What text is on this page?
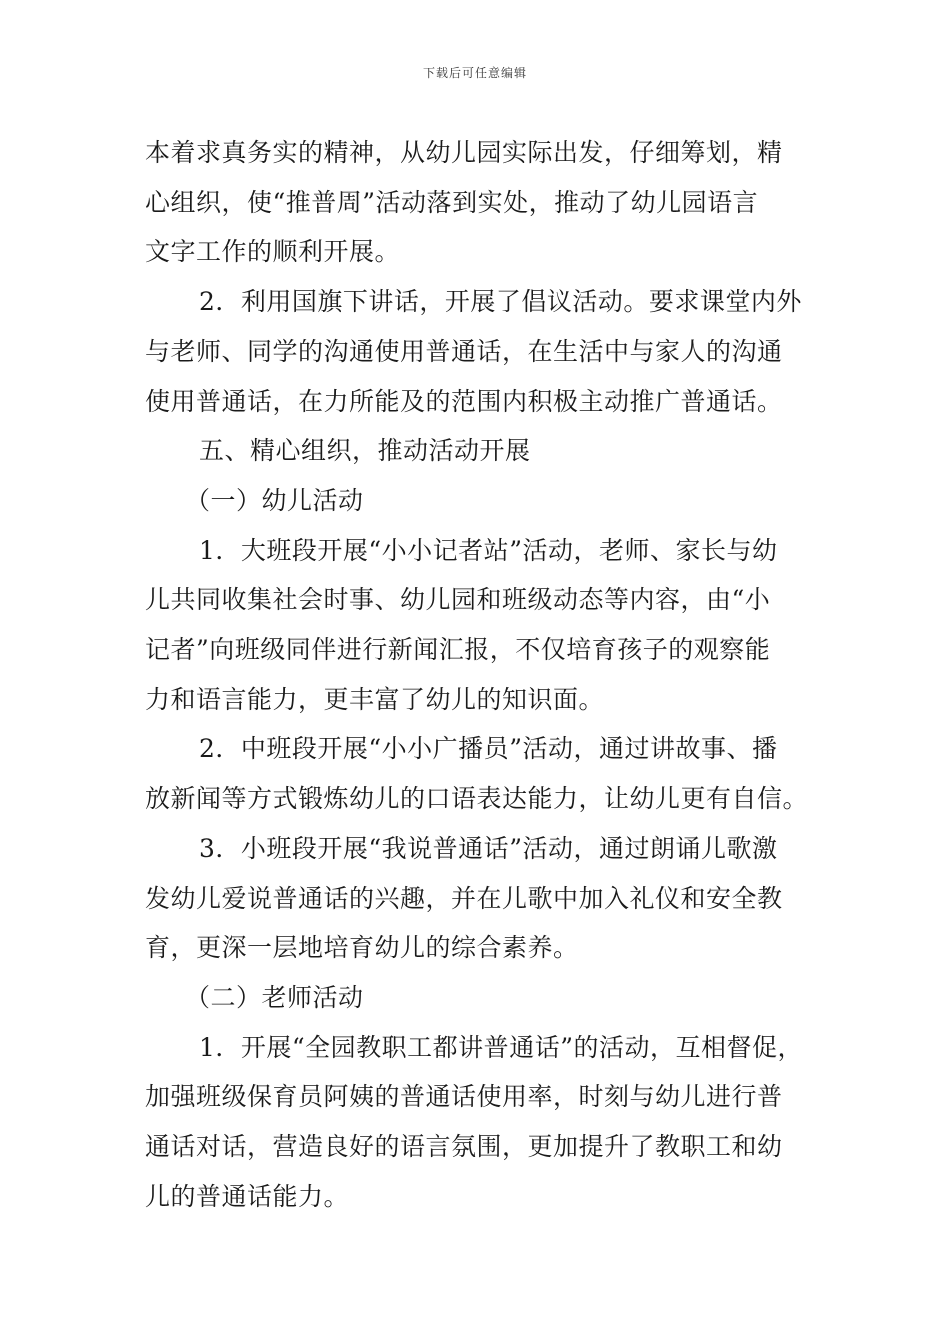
下载后可任意编辑

本着求真务实的精神，从幼儿园实际出发，仔细筹划，精

心组织，使“推普周”活动落到实处，推动了幼儿园语言

文字工作的顺利开展。

2．利用国旗下讲话，开展了倡议活动。要求课堂内外

与老师、同学的沟通使用普通话，在生活中与家人的沟通

使用普通话，在力所能及的范围内积极主动推广普通话。

五、精心组织，推动活动开展

（一）幼儿活动

1．大班段开展“小小记者站”活动，老师、家长与幼

儿共同收集社会时事、幼儿园和班级动态等内容，由“小

记者”向班级同伴进行新闻汇报，不仅培育孩子的观察能

力和语言能力，更丰富了幼儿的知识面。

2．中班段开展“小小广播员”活动，通过讲故事、播

放新闻等方式锻炼幼儿的口语表达能力，让幼儿更有自信。

3．小班段开展“我说普通话”活动，通过朗诵儿歌激

发幼儿爱说普通话的兴趣，并在儿歌中加入礼仪和安全教

育，更深一层地培育幼儿的综合素养。

（二）老师活动

1．开展“全园教职工都讲普通话”的活动，互相督促，

加强班级保育员阿姨的普通话使用率，时刻与幼儿进行普

通话对话，营造良好的语言氛围，更加提升了教职工和幼

儿的普通话能力。
